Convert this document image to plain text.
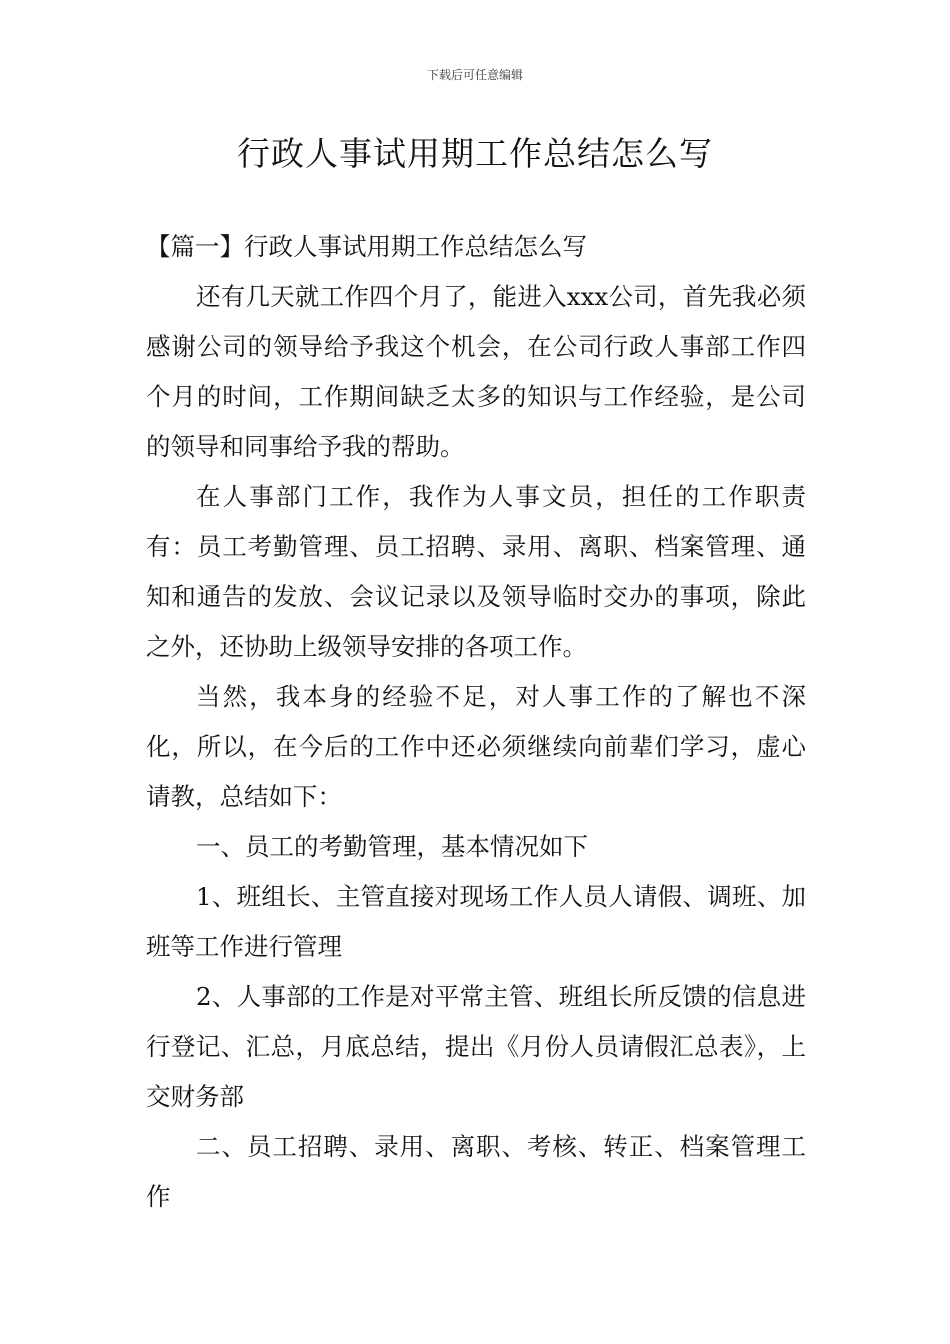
下载后可任意编辑
行政人事试用期工作总结怎么写

【篇一】行政人事试用期工作总结怎么写

还有几天就工作四个月了，能进入xxx公司，首先我必须感谢公司的领导给予我这个机会，在公司行政人事部工作四个月的时间，工作期间缺乏太多的知识与工作经验，是公司的领导和同事给予我的帮助。

在人事部门工作，我作为人事文员，担任的工作职责有：员工考勤管理、员工招聘、录用、离职、档案管理、通知和通告的发放、会议记录以及领导临时交办的事项，除此之外，还协助上级领导安排的各项工作。

当然，我本身的经验不足，对人事工作的了解也不深化，所以，在今后的工作中还必须继续向前辈们学习，虚心请教，总结如下：

一、员工的考勤管理，基本情况如下

1、班组长、主管直接对现场工作人员人请假、调班、加班等工作进行管理

2、人事部的工作是对平常主管、班组长所反馈的信息进行登记、汇总，月底总结，提出《月份人员请假汇总表》，上交财务部

二、员工招聘、录用、离职、考核、转正、档案管理工作
